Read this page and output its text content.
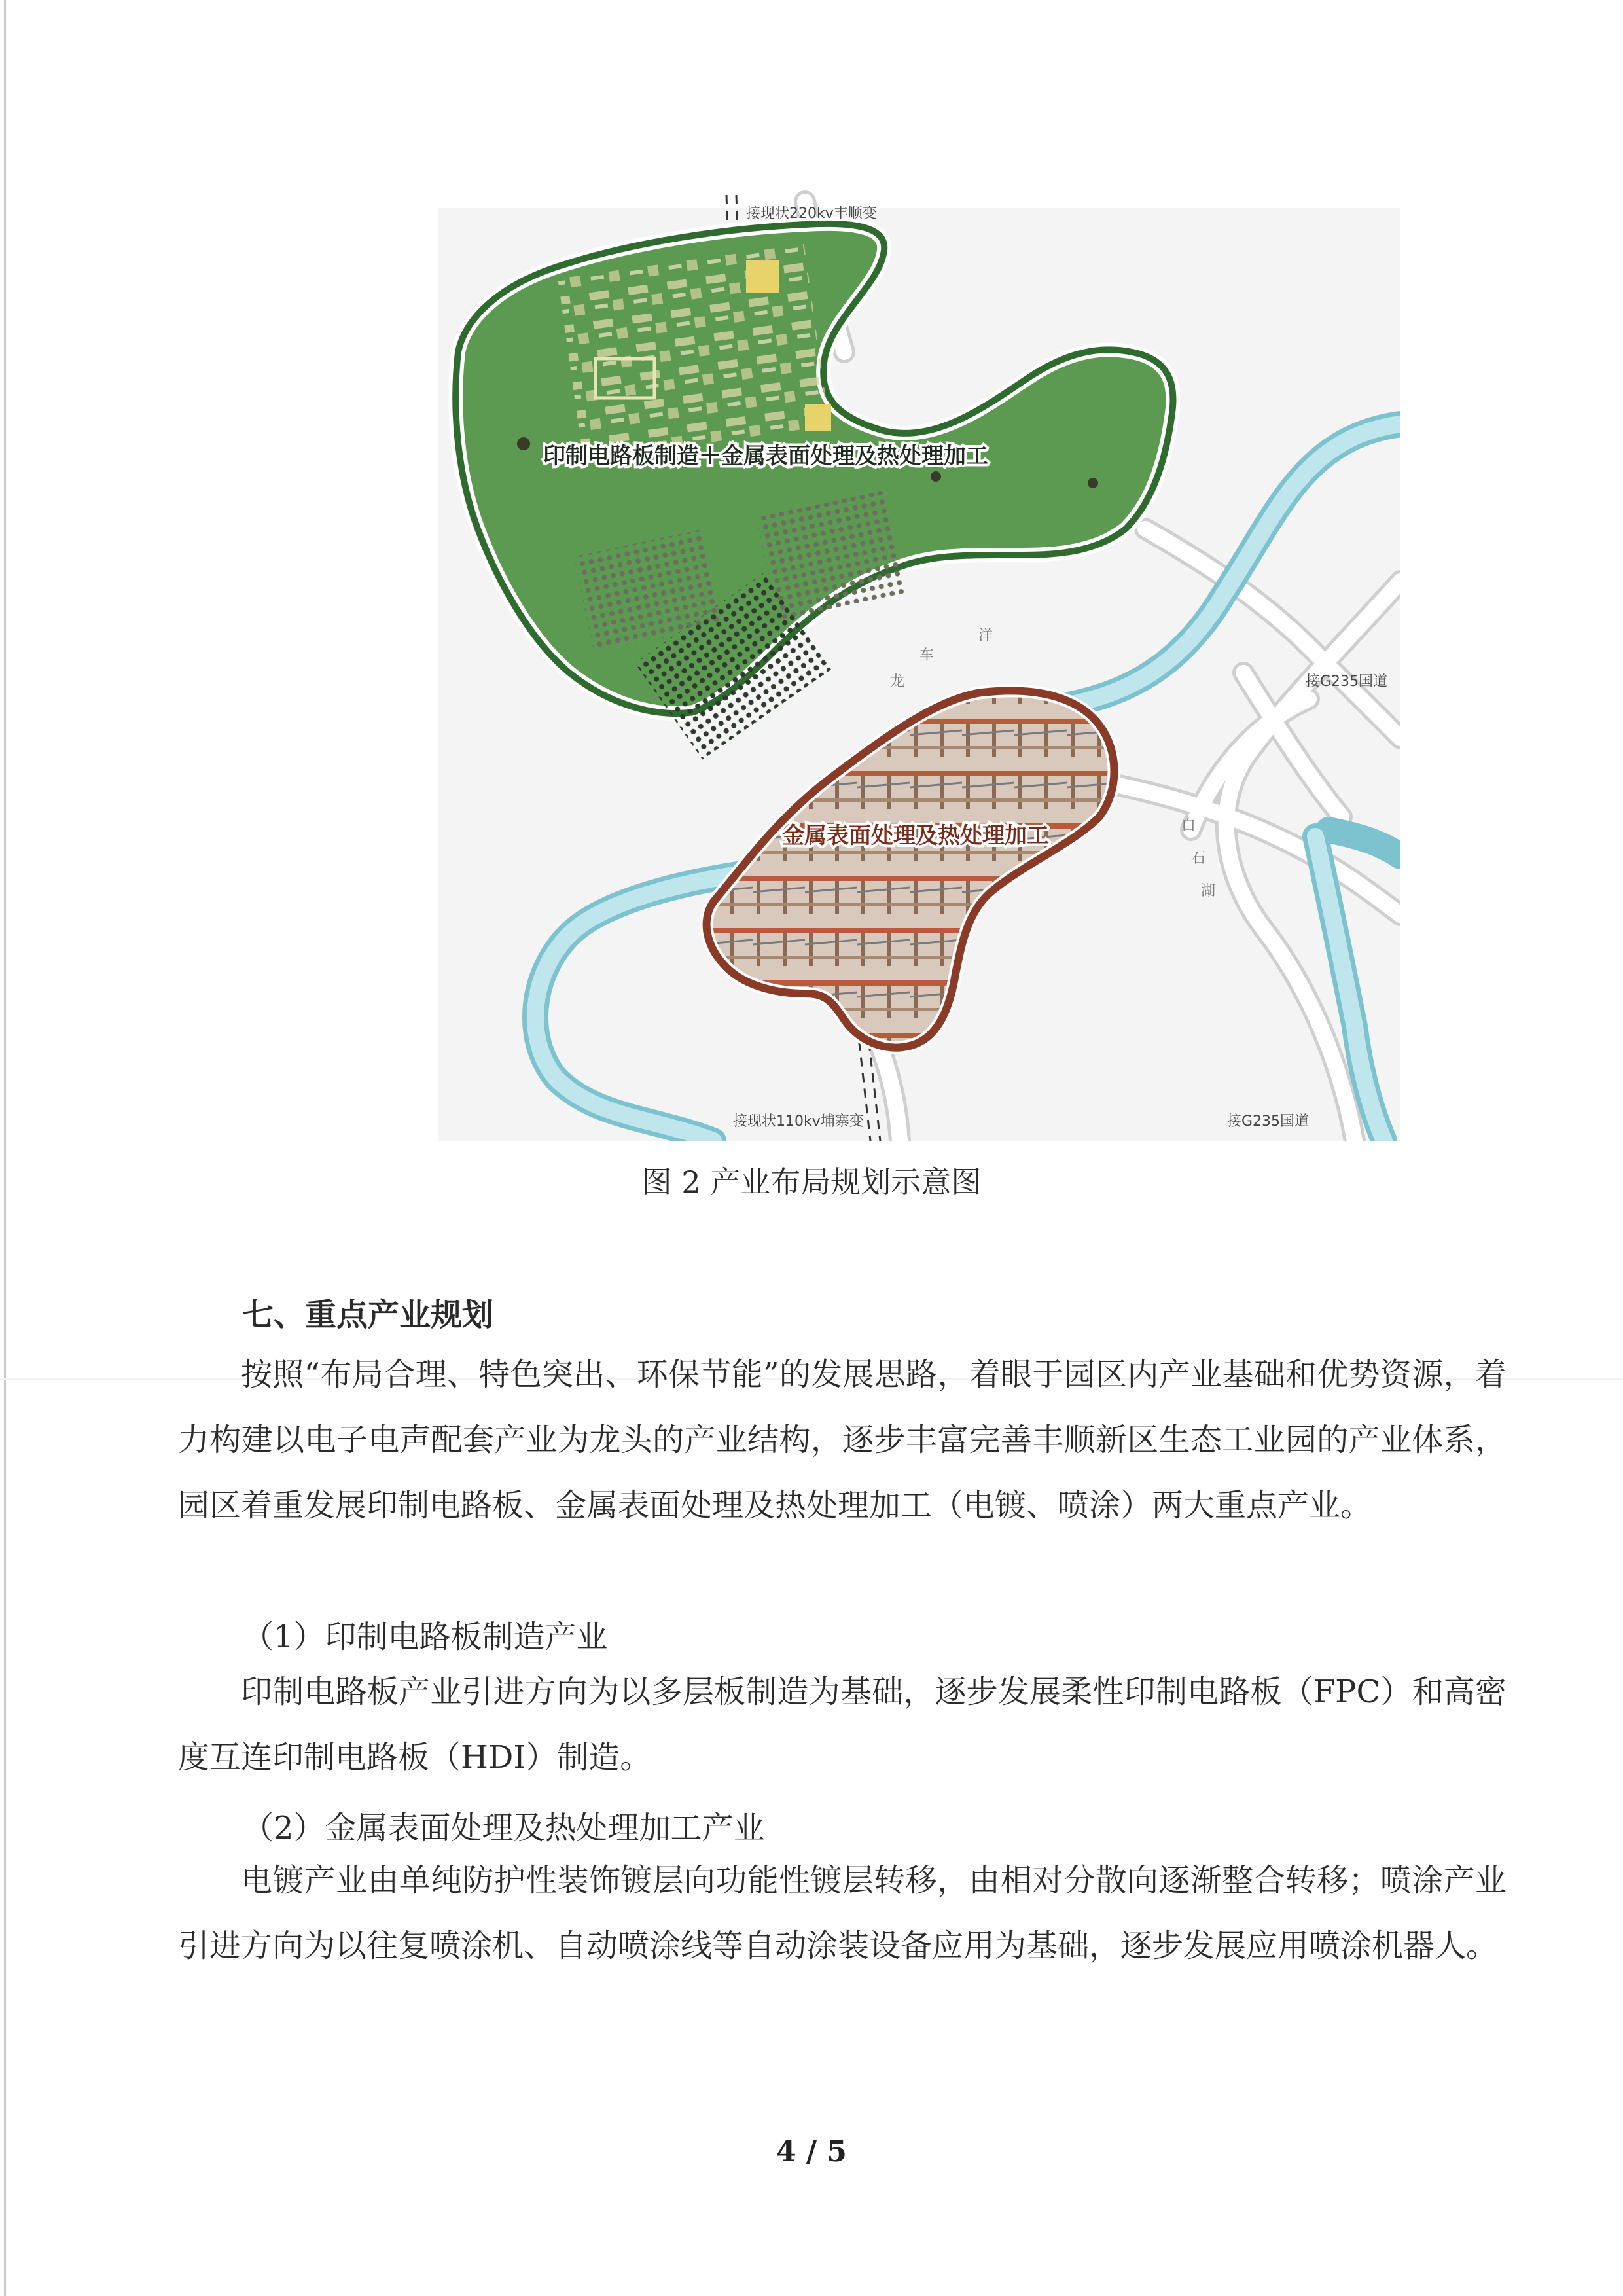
印制电路板制造＋金属表面处理及热处理加工
金属表面处理及热处理加工
接现状220kv丰顺变
接现状110kv埔寨变
接G235国道
接G235国道
车
洋
龙
白
石
湖
图 2 产业布局规划示意图
七、重点产业规划

按照“布局合理、特色突出、环保节能”的发展思路，着眼于园区内产业基础和优势资源，着力构建以电子电声配套产业为龙头的产业结构，逐步丰富完善丰顺新区生态工业园的产业体系，园区着重发展印制电路板、金属表面处理及热处理加工（电镀、喷涂）两大重点产业。

（1）印制电路板制造产业

印制电路板产业引进方向为以多层板制造为基础，逐步发展柔性印制电路板（FPC）和高密度互连印制电路板（HDI）制造。

（2）金属表面处理及热处理加工产业

电镀产业由单纯防护性装饰镀层向功能性镀层转移，由相对分散向逐渐整合转移；喷涂产业引进方向为以往复喷涂机、自动喷涂线等自动涂装设备应用为基础，逐步发展应用喷涂机器人。

4 / 5
